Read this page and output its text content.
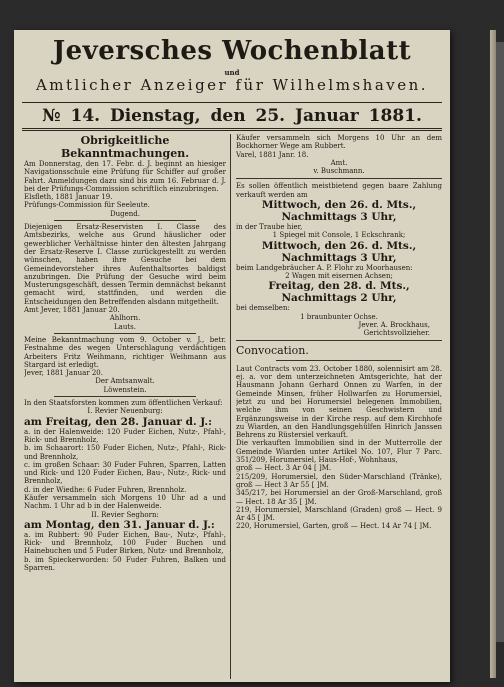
Jeversches Wochenblatt
und
Amtlicher Anzeiger für Wilhelmshaven.
№ 14. Dienstag, den 25. Januar 1881.

Obrigkeitliche Bekanntmachungen.

Am Donnerstag, den 17. Febr. d. J. beginnt an hiesiger Navigationsschule eine Prüfung für Schiffer auf großer Fahrt. Anmeldungen dazu sind bis zum 16. Februar d. J. bei der Prüfungs-Commission schriftlich einzubringen.

Elsfleth, 1881 Januar 19.

Prüfungs-Commission für Seeleute.

Dugend.

Diejenigen Ersatz-Reservisten I. Classe des Amtsbezirks, welche aus Grund häuslicher oder gewerblicher Verhältnisse hinter den ältesten Jahrgang der Ersatz-Reserve I. Classe zurückgestellt zu werden wünschen, haben ihre Gesuche bei dem Gemeindevorsteher ihres Aufenthaltsortes baldigst anzubringen. Die Prüfung der Gesuche wird beim Musterungsgeschäft, dessen Termin demnächst bekannt gemacht wird, stattfinden, und werden die Entscheidungen den Betreffenden alsdann mitgetheilt.

Amt Jever, 1881 Januar 20.

Ahlhorn.

Lauts.

Meine Bekanntmachung vom 9. October v. J., betr. Festnahme des wegen Unterschlagung verdächtigen Arbeiters Fritz Weihmann, richtiger Weihmann aus Stargard ist erledigt.

Jever, 1881 Januar 20.

Der Amtsanwalt.

Löwenstein.

In den Staatsforsten kommen zum öffentlichen Verkauf:

I. Revier Neuenburg:

am Freitag, den 28. Januar d. J.:

a. in der Halenweide: 120 Fuder Eichen, Nutz-, Pfahl-, Rick- und Brennholz,

b. im Schaarort: 150 Fuder Eichen, Nutz-, Pfahl-, Rick- und Brennholz,

c. im großen Schaar: 30 Fuder Fuhren, Sparren, Latten und Rick- und 120 Fuder Eichen, Bau-, Nutz-, Rick- und Brennholz,

d. in der Wiedhe: 6 Fuder Fuhren, Brennholz.

Käufer versammeln sich Morgens 10 Uhr ad a und Nachm. 1 Uhr ad b in der Halenweide.

II. Revier Seghorn:

am Montag, den 31. Januar d. J.:

a. im Rubbert: 90 Fuder Eichen, Bau-, Nutz-, Pfahl-, Rick- und Brennholz, 100 Fuder Buchen und Hainebuchen und 5 Fuder Birken, Nutz- und Brennholz,

b. im Spieckerworden: 50 Fuder Fuhren, Balken und Sparren.

Käufer versammeln sich Morgens 10 Uhr an dem Bockhorner Wege am Rubbert.

Varel, 1881 Janr. 18.

Amt.

v. Buschmann.

Es sollen öffentlich meistbietend gegen baare Zahlung verkauft werden am

Mittwoch, den 26. d. Mts., Nachmittags 3 Uhr,

in der Traube hier,

1 Spiegel mit Console, 1 Eckschrank;

Mittwoch, den 26. d. Mts., Nachmittags 3 Uhr,

beim Landgebräucher A. P. Flohr zu Moorhausen:

2 Wagen mit eisernen Achsen;

Freitag, den 28. d. Mts., Nachmittags 2 Uhr,

bei demselben:

1 braunbunter Ochse.

Jever. A. Brockhaus,

Gerichtsvollzieher.

Convocation.

Laut Contracts vom 23. October 1880, solennisirt am 28. ej. a. vor dem unterzeichneten Amtsgerichte, hat der Hausmann Johann Gerhard Onnen zu Warfen, in der Gemeinde Minsen, früher Hollwarfen zu Horumersiel, jetzt zu und bei Horumersiel belegenen Immobilien, welche ihm von seinen Geschwistern und Ergänzungsweise in der Kirche resp. auf dem Kirchhofe zu Wiarden, an den Handlungsgehülfen Hinrich Janssen Behrens zu Rüstersiel verkauft.

Die verkauften Immobilien sind in der Mutterrolle der Gemeinde Wiarden unter Artikel No. 107, Flur 7 Parc. 351/209, Horumersiel, Haus-Hof-, Wohnhaus,

groß — Hect. 3 Ar 04 [ ]M.

215/209, Horumersiel, den Süder-Marschland (Tränke), groß — Hect 3 Ar 55 [ ]M.

345/217, bei Horumersiel an der Groß-Marschland, groß — Hect. 18 Ar 35 [ ]M.

219, Horumersiel, Marschland (Graden) groß — Hect. 9 Ar 45 [ ]M.

220, Horumersiel, Garten, groß — Hect. 14 Ar 74 [ ]M.
